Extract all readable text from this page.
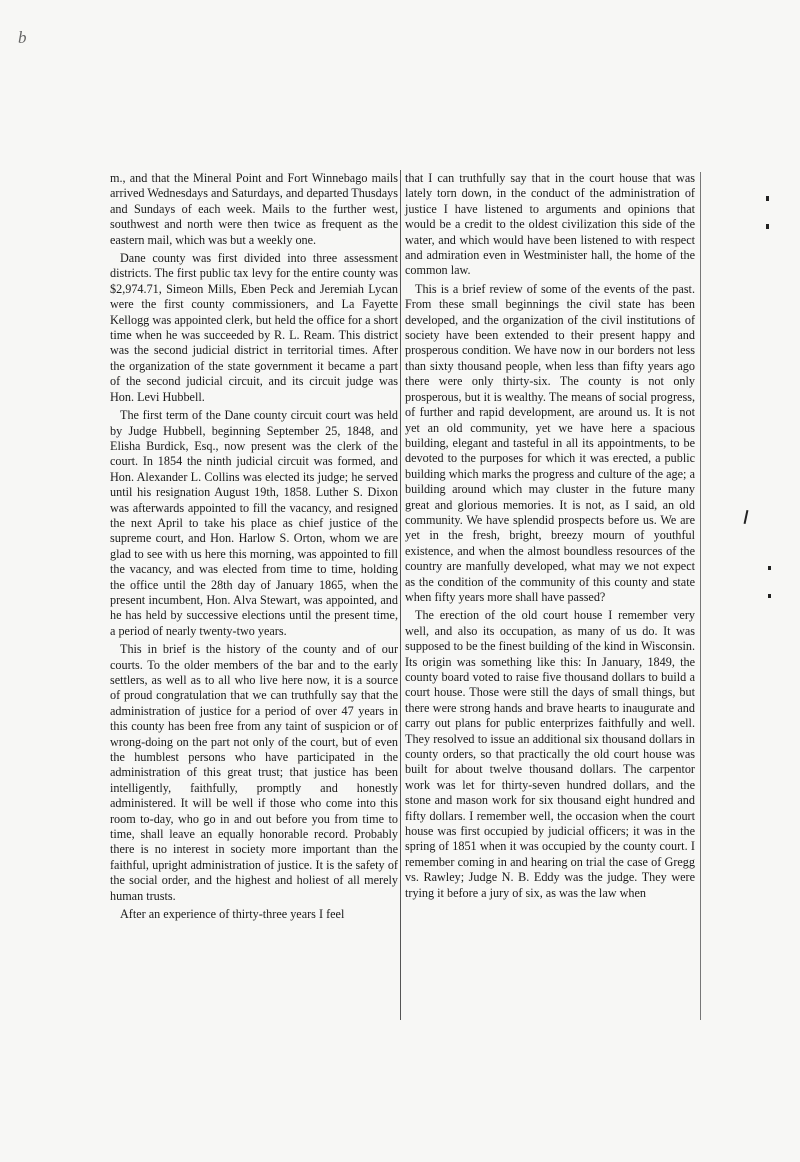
b

m., and that the Mineral Point and Fort Winnebago mails arrived Wednesdays and Saturdays, and departed Thusdays and Sundays of each week. Mails to the further west, southwest and north were then twice as frequent as the eastern mail, which was but a weekly one.

Dane county was first divided into three assessment districts. The first public tax levy for the entire county was $2,974.71, Simeon Mills, Eben Peck and Jeremiah Lycan were the first county commissioners, and La Fayette Kellogg was appointed clerk, but held the office for a short time when he was succeeded by R. L. Ream. This district was the second judicial district in territorial times. After the organization of the state government it became a part of the second judicial circuit, and its circuit judge was Hon. Levi Hubbell.

The first term of the Dane county circuit court was held by Judge Hubbell, beginning September 25, 1848, and Elisha Burdick, Esq., now present was the clerk of the court. In 1854 the ninth judicial circuit was formed, and Hon. Alexander L. Collins was elected its judge; he served until his resignation August 19th, 1858. Luther S. Dixon was afterwards appointed to fill the vacancy, and resigned the next April to take his place as chief justice of the supreme court, and Hon. Harlow S. Orton, whom we are glad to see with us here this morning, was appointed to fill the vacancy, and was elected from time to time, holding the office until the 28th day of January 1865, when the present incumbent, Hon. Alva Stewart, was appointed, and he has held by successive elections until the present time, a period of nearly twenty-two years.

This in brief is the history of the county and of our courts. To the older members of the bar and to the early settlers, as well as to all who live here now, it is a source of proud congratulation that we can truthfully say that the administration of justice for a period of over 47 years in this county has been free from any taint of suspicion or of wrong-doing on the part not only of the court, but of even the humblest persons who have participated in the administration of this great trust; that justice has been intelligently, faithfully, promptly and honestly administered. It will be well if those who come into this room to-day, who go in and out before you from time to time, shall leave an equally honorable record. Probably there is no interest in society more important than the faithful, upright administration of justice. It is the safety of the social order, and the highest and holiest of all merely human trusts.

After an experience of thirty-three years I feel

that I can truthfully say that in the court house that was lately torn down, in the conduct of the administration of justice I have listened to arguments and opinions that would be a credit to the oldest civilization this side of the water, and which would have been listened to with respect and admiration even in Westminister hall, the home of the common law.

This is a brief review of some of the events of the past. From these small beginnings the civil state has been developed, and the organization of the civil institutions of society have been extended to their present happy and prosperous condition. We have now in our borders not less than sixty thousand people, when less than fifty years ago there were only thirty-six. The county is not only prosperous, but it is wealthy. The means of social progress, of further and rapid development, are around us. It is not yet an old community, yet we have here a spacious building, elegant and tasteful in all its appointments, to be devoted to the purposes for which it was erected, a public building which marks the progress and culture of the age; a building around which may cluster in the future many great and glorious memories. It is not, as I said, an old community. We have splendid prospects before us. We are yet in the fresh, bright, breezy mourn of youthful existence, and when the almost boundless resources of the country are manfully developed, what may we not expect as the condition of the community of this county and state when fifty years more shall have passed?

The erection of the old court house I remember very well, and also its occupation, as many of us do. It was supposed to be the finest building of the kind in Wisconsin. Its origin was something like this: In January, 1849, the county board voted to raise five thousand dollars to build a court house. Those were still the days of small things, but there were strong hands and brave hearts to inaugurate and carry out plans for public enterprizes faithfully and well. They resolved to issue an additional six thousand dollars in county orders, so that practically the old court house was built for about twelve thousand dollars. The carpentor work was let for thirty-seven hundred dollars, and the stone and mason work for six thousand eight hundred and fifty dollars. I remember well, the occasion when the court house was first occupied by judicial officers; it was in the spring of 1851 when it was occupied by the county court. I remember coming in and hearing on trial the case of Gregg vs. Rawley; Judge N. B. Eddy was the judge. They were trying it before a jury of six, as was the law when
